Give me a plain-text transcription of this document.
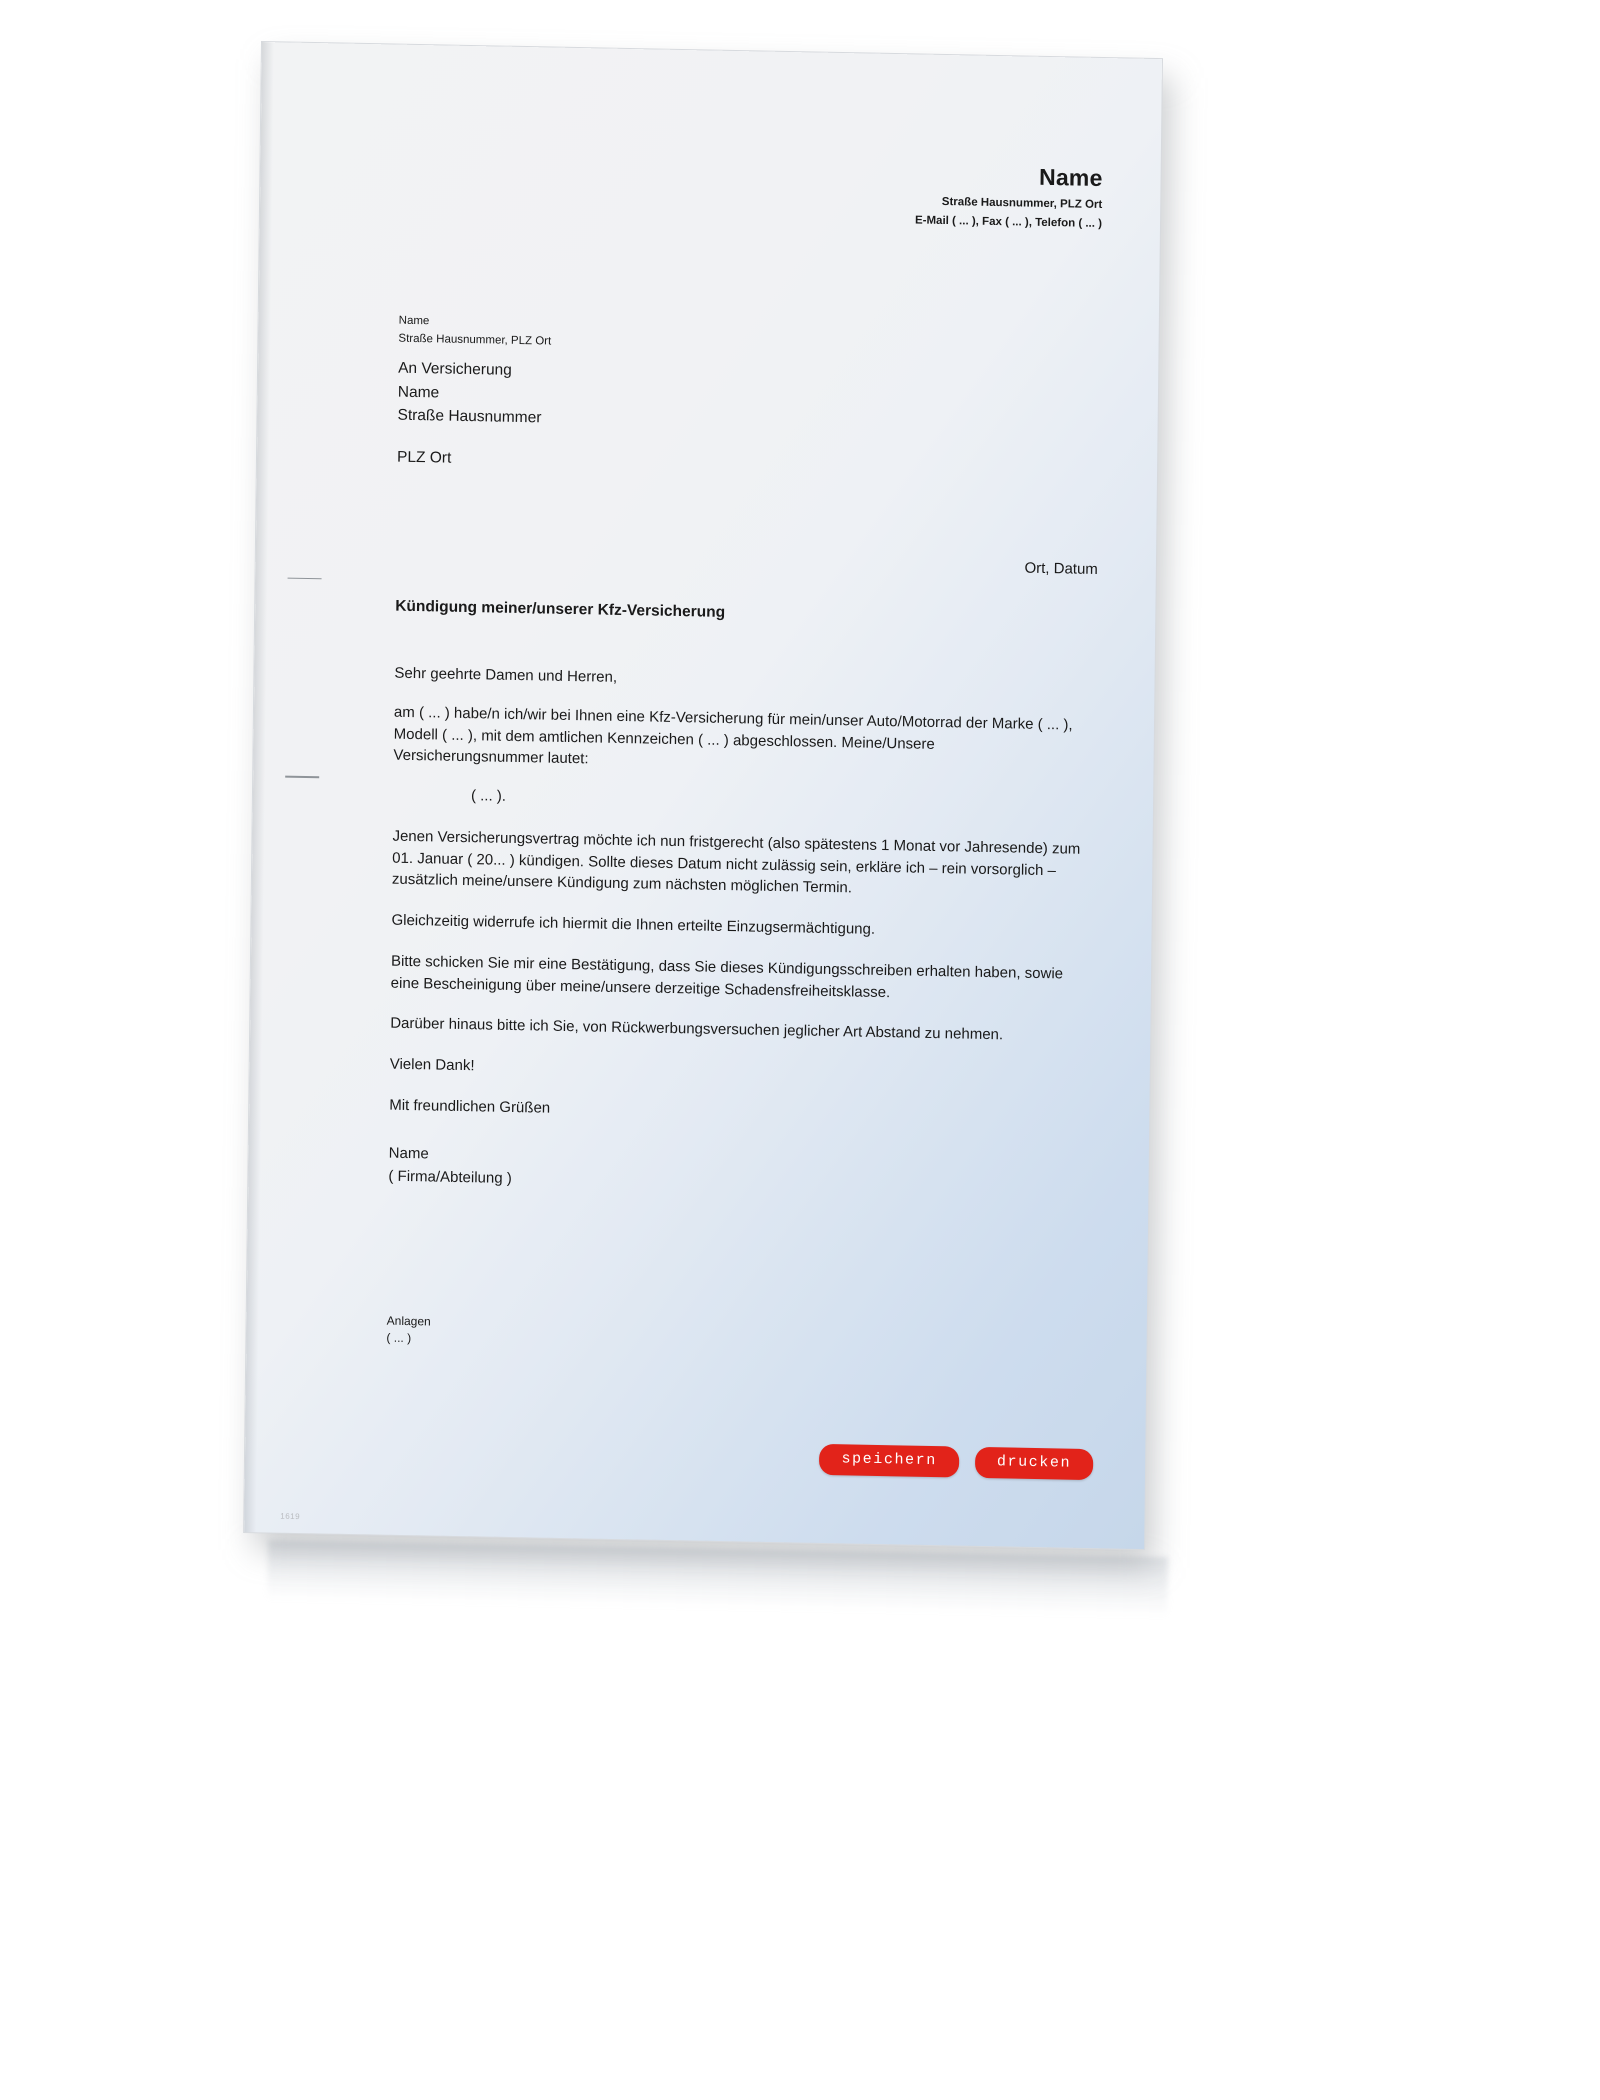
Name
Straße Hausnummer, PLZ Ort
E-Mail ( ... ), Fax ( ... ), Telefon ( ... )
Name
Straße Hausnummer, PLZ Ort
An Versicherung
Name
Straße Hausnummer
PLZ Ort
Ort, Datum
Kündigung meiner/unserer Kfz-Versicherung

Sehr geehrte Damen und Herren,

am ( ... ) habe/n ich/wir bei Ihnen eine Kfz-Versicherung für mein/unser Auto/Motorrad der Marke ( ... ), Modell ( ... ), mit dem amtlichen Kennzeichen ( ... ) abgeschlossen. Meine/Unsere Versicherungsnummer lautet:

( ... ).

Jenen Versicherungsvertrag möchte ich nun fristgerecht (also spätestens 1 Monat vor Jahresende) zum 01. Januar ( 20... ) kündigen. Sollte dieses Datum nicht zulässig sein, erkläre ich – rein vorsorglich – zusätzlich meine/unsere Kündigung zum nächsten möglichen Termin.

Gleichzeitig widerrufe ich hiermit die Ihnen erteilte Einzugsermächtigung.

Bitte schicken Sie mir eine Bestätigung, dass Sie dieses Kündigungsschreiben erhalten haben, sowie eine Bescheinigung über meine/unsere derzeitige Schadensfreiheitsklasse.

Darüber hinaus bitte ich Sie, von Rückwerbungsversuchen jeglicher Art Abstand zu nehmen.

Vielen Dank!

Mit freundlichen Grüßen

Name
( Firma/Abteilung )
Anlagen
( ... )
speichern	drucken
1619
